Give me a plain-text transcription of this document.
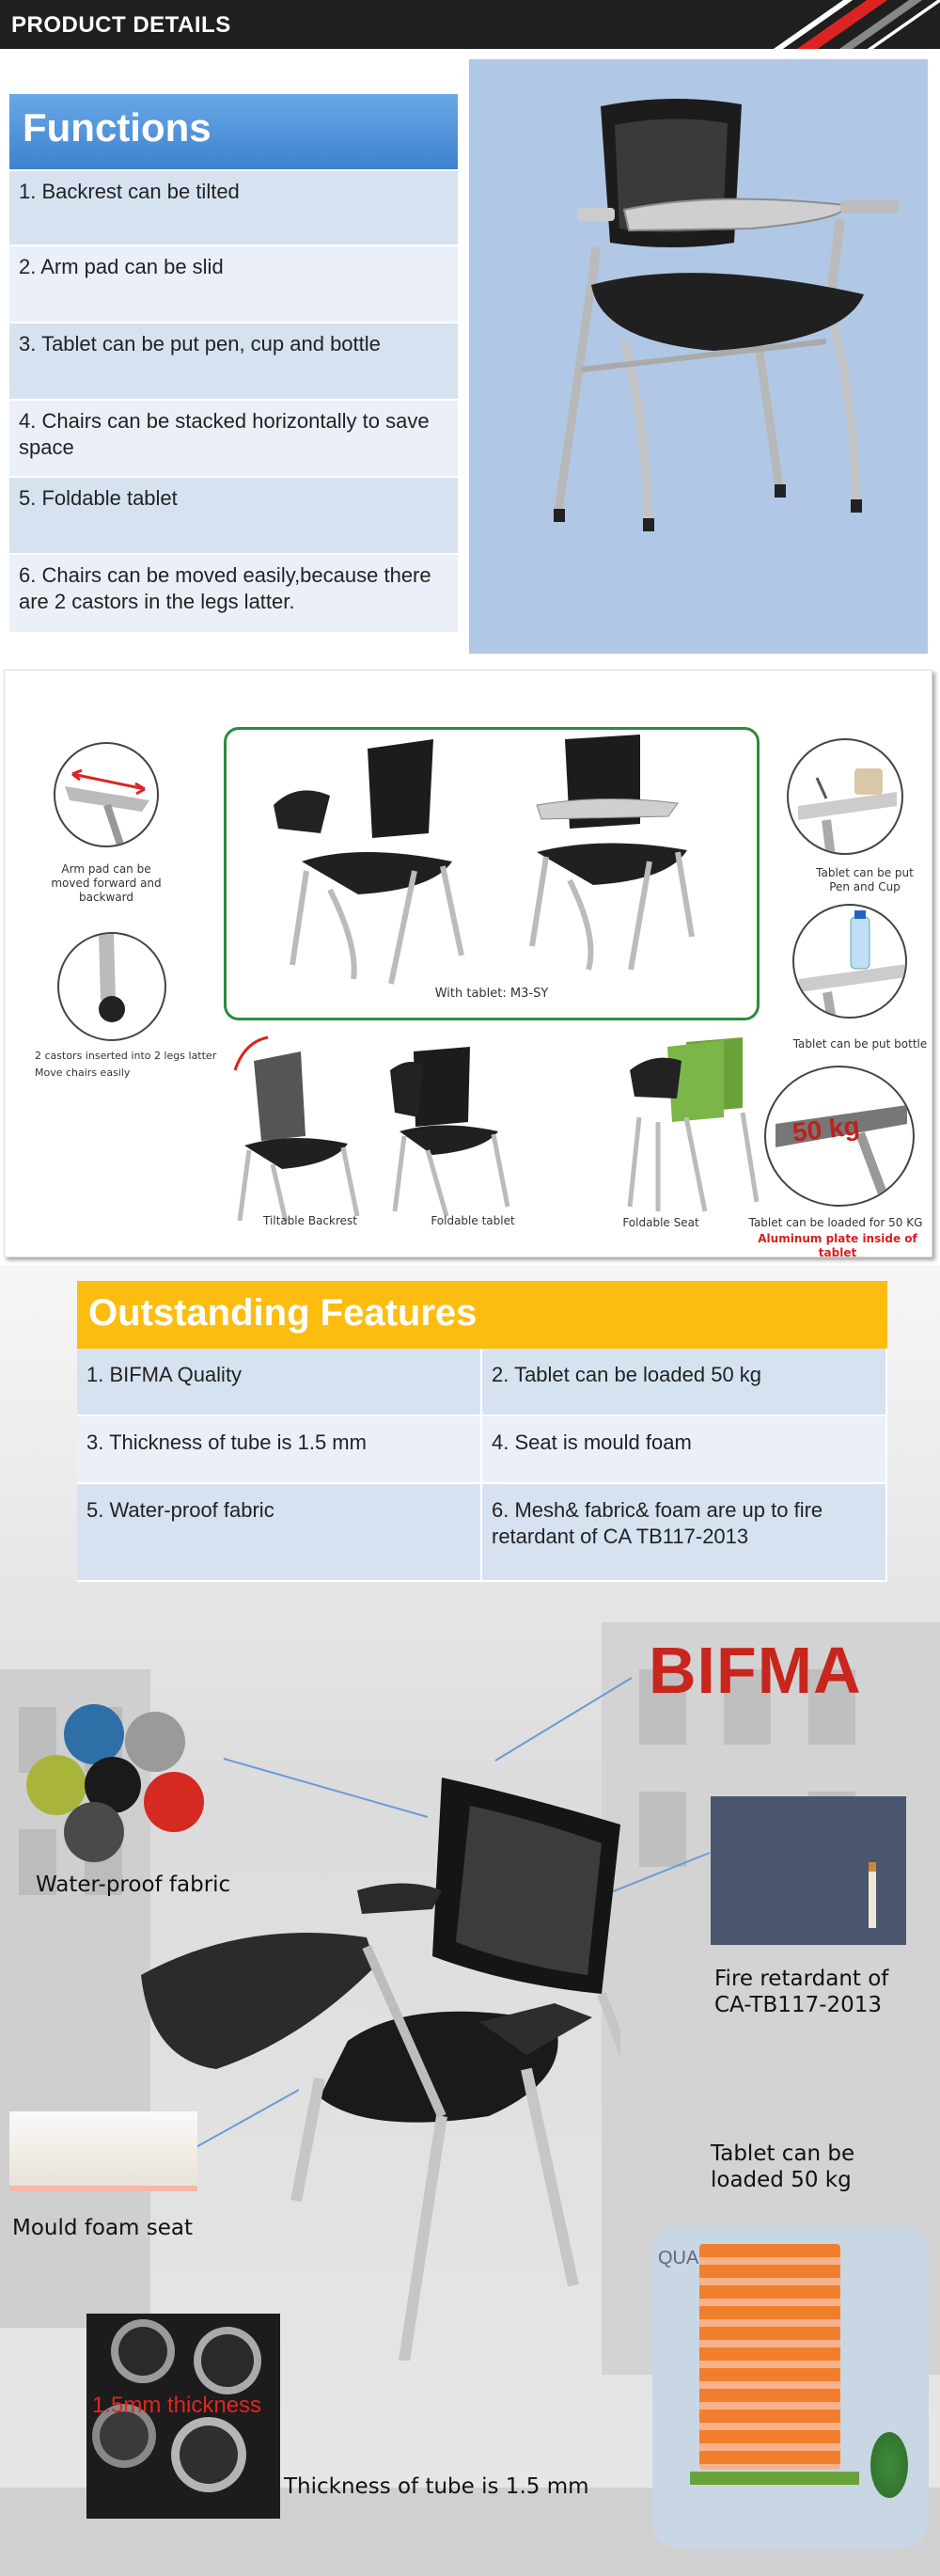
PRODUCT DETAILS
Functions
1. Backrest can be tilted
2. Arm pad can be slid
3. Tablet can be put pen, cup and bottle
4. Chairs can be stacked horizontally to save space
5. Foldable tablet
6. Chairs can be moved easily,because there are 2 castors in the legs latter.
Arm pad can be moved forward and backward
2 castors inserted into 2 legs latter
Move chairs easily
With tablet: M3-SY
Tablet can be put Pen and Cup
Tablet can be put bottle
Tiltable Backrest	Foldable tablet	Foldable Seat
50 kg
Tablet can be loaded for 50 KG
Aluminum plate inside of tablet
Outstanding Features
1. BIFMA Quality	2. Tablet can be loaded 50 kg
3. Thickness of tube is 1.5 mm	4. Seat is mould foam
5. Water-proof fabric	6. Mesh& fabric& foam are up to fire retardant of CA TB117-2013
BIFMA
Water-proof fabric
Fire retardant of
CA-TB117-2013
Mould foam seat
Tablet can be
loaded 50 kg
1.5mm thickness
Thickness of tube is 1.5 mm
QUA
